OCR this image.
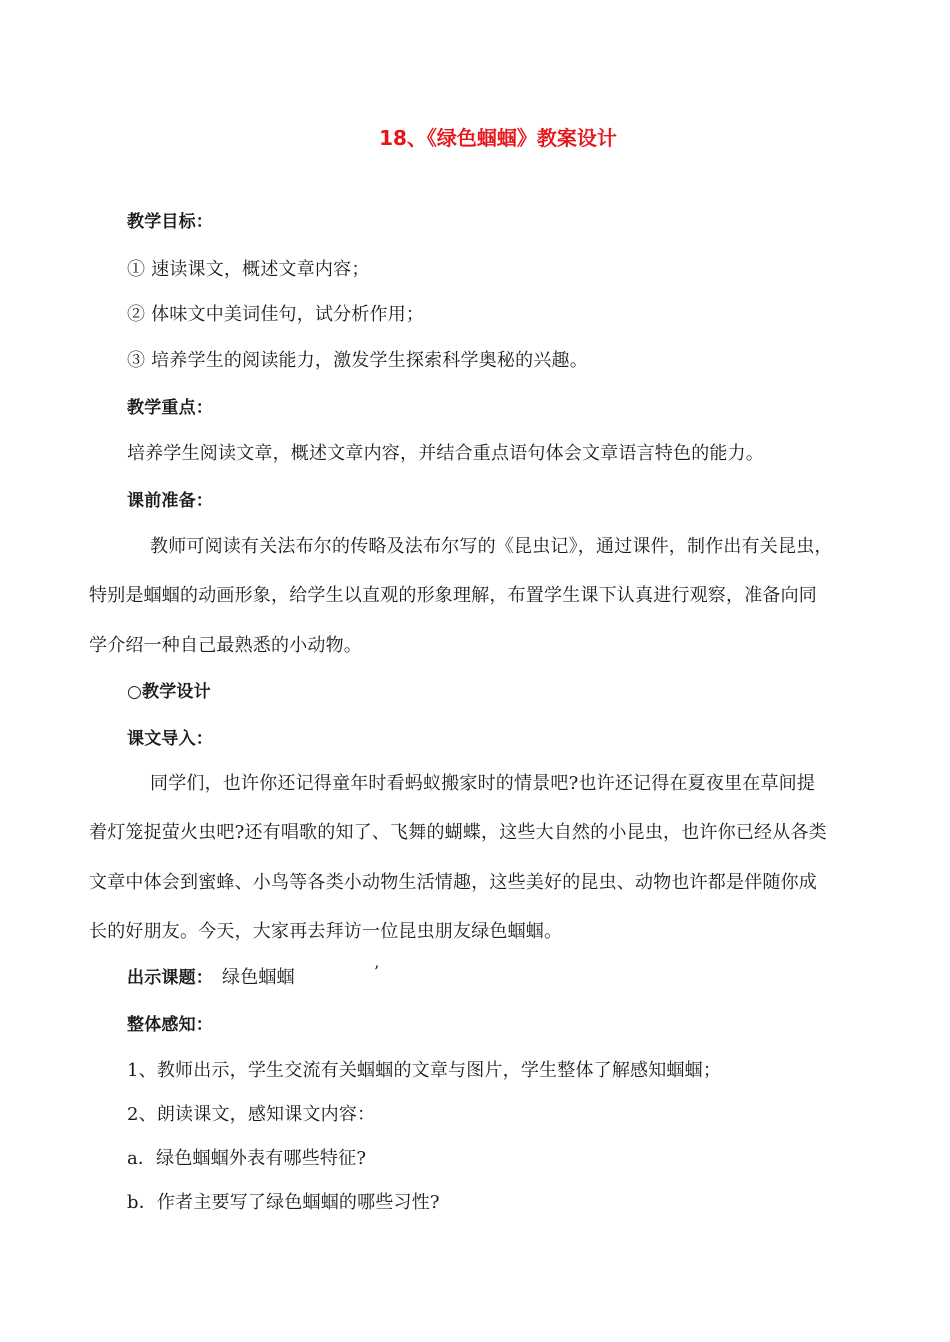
18、《绿色蝈蝈》教案设计
教学目标：
① 速读课文，概述文章内容；
② 体味文中美词佳句，试分析作用；
③ 培养学生的阅读能力，激发学生探索科学奥秘的兴趣。
教学重点：
培养学生阅读文章，概述文章内容，并结合重点语句体会文章语言特色的能力。
课前准备：
教师可阅读有关法布尔的传略及法布尔写的《昆虫记》，通过课件，制作出有关昆虫，
特别是蝈蝈的动画形象，给学生以直观的形象理解，布置学生课下认真进行观察，准备向同
学介绍一种自己最熟悉的小动物。
○教学设计
课文导入：
同学们，也许你还记得童年时看蚂蚁搬家时的情景吧?也许还记得在夏夜里在草间提
着灯笼捉萤火虫吧?还有唱歌的知了、飞舞的蝴蝶，这些大自然的小昆虫，也许你已经从各类
文章中体会到蜜蜂、小鸟等各类小动物生活情趣，这些美好的昆虫、动物也许都是伴随你成
长的好朋友。今天，大家再去拜访一位昆虫朋友绿色蝈蝈。
出示课题： 绿色蝈蝈	’
整体感知：
1、教师出示，学生交流有关蝈蝈的文章与图片，学生整体了解感知蝈蝈；
2、朗读课文，感知课文内容：
a．绿色蝈蝈外表有哪些特征?
b．作者主要写了绿色蝈蝈的哪些习性?
